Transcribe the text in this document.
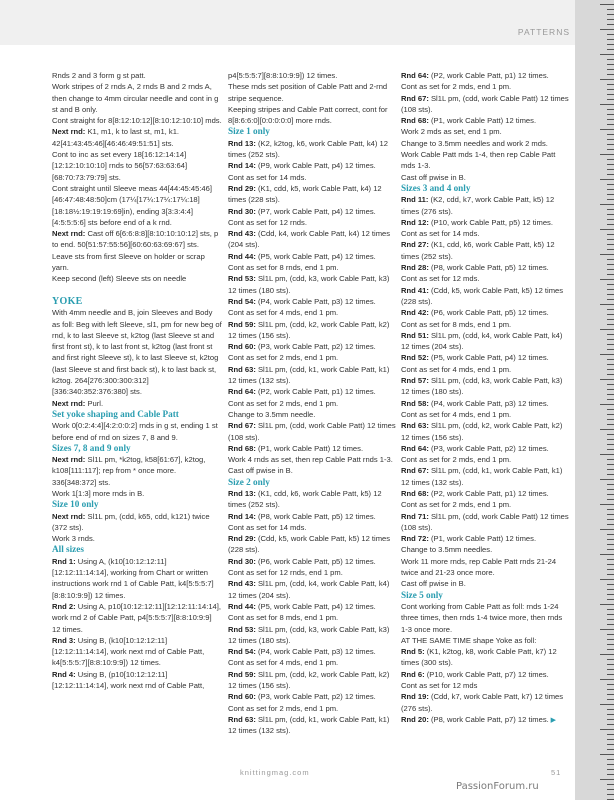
PATTERNS

Rnds 2 and 3 form g st patt.

Work stripes of 2 rnds A, 2 rnds B and 2 rnds A, then change to 4mm circular needle and cont in g st and B only.

Cont straight for 8[8:12:10:12][8:10:12:10:10] mds.

Next rnd: K1, m1, k to last st, m1, k1. 42[41:43:45:46][46:46:49:51:51] sts.

Cont to inc as set every 18[16:12:14:14][12:12:10:10:10] rnds to 56[57:63:63:64][68:70:73:79:79] sts.

Cont straight until Sleeve meas 44[44:45:45:46][46:47:48:48:50]cm (17¼[17¼:17¼:17¼:18][18:18½:19:19:19:69]in), ending 3[3:3:4:4][4:5:5:5:6] sts before end of a k rnd.

Next rnd: Cast off 6[6:6:8:8][8:10:10:10:12] sts, p to end. 50[51:57:55:56][60:60:63:69:67] sts.

Leave sts from first Sleeve on holder or scrap yarn.

Keep second (left) Sleeve sts on needle

YOKE

With 4mm needle and B, join Sleeves and Body as foll: Beg with left Sleeve, sl1, pm for new beg of rnd, k to last Sleeve st, k2tog (last Sleeve st and first front st), k to last front st, k2tog (last front st and first right Sleeve st), k to last Sleeve st, k2tog (last Sleeve st and first back st), k to last back st, k2tog. 264[276:300:300:312][336:340:352:376:380] sts.

Next rnd: Purl.

Set yoke shaping and Cable Patt

Work 0[0:2:4:4][4:2:0:0:2] rnds in g st, ending 1 st before end of rnd on sizes 7, 8 and 9.

Sizes 7, 8 and 9 only

Next rnd: Sl1L pm, *k2tog, k58[61:67], k2tog, k108[111:117]; rep from * once more. 336[348:372] sts.

Work 1[1:3] more rnds in B.

Size 10 only

Next rnd: Sl1L pm, (cdd, k65, cdd, k121) twice (372 sts).

Work 3 rnds.

All sizes

Rnd 1: Using A, (k10[10:12:12:11][12:12:11:14:14], working from Chart or written instructions work rnd 1 of Cable Patt, k4[5:5:5:7][8:8:10:9:9]) 12 times.

Rnd 2: Using A, p10[10:12:12:11][12:12:11:14:14], work rnd 2 of Cable Patt, p4[5:5:5:7][8:8:10:9:9] 12 times.

Rnd 3: Using B, (k10[10:12:12:11][12:12:11:14:14], work next rnd of Cable Patt, k4[5:5:5:7][8:8:10:9:9]) 12 times.

Rnd 4: Using B, (p10[10:12:12:11][12:12:11:14:14], work next rnd of Cable Patt,

p4[5:5:5:7][8:8:10:9:9]) 12 times.

These rnds set position of Cable Patt and 2-rnd stripe sequence.

Keeping stripes and Cable Patt correct, cont for 8[8:6:6:0][0:0:0:0:0] more rnds.

Size 1 only

Rnd 13: (K2, k2tog, k6, work Cable Patt, k4) 12 times (252 sts).

Rnd 14: (P9, work Cable Patt, p4) 12 times.

Cont as set for 14 mds.

Rnd 29: (K1, cdd, k5, work Cable Patt, k4) 12 times (228 sts).

Rnd 30: (P7, work Cable Patt, p4) 12 times.

Cont as set for 12 rnds.

Rnd 43: (Cdd, k4, work Cable Patt, k4) 12 times (204 sts).

Rnd 44: (P5, work Cable Patt, p4) 12 times.

Cont as set for 8 rnds, end 1 pm.

Rnd 53: Sl1L pm, (cdd, k3, work Cable Patt, k3) 12 times (180 sts).

Rnd 54: (P4, work Cable Patt, p3) 12 times.

Cont as set for 4 mds, end 1 pm.

Rnd 59: Sl1L pm, (cdd, k2, work Cable Patt, k2) 12 times (156 sts).

Rnd 60: (P3, work Cable Patt, p2) 12 times.

Cont as set for 2 mds, end 1 pm.

Rnd 63: Sl1L pm, (cdd, k1, work Cable Patt, k1) 12 times (132 sts).

Rnd 64: (P2, work Cable Patt, p1) 12 times.

Cont as set for 2 mds, end 1 pm.

Change to 3.5mm needle.

Rnd 67: Sl1L pm, (cdd, work Cable Patt) 12 times (108 sts).

Rnd 68: (P1, work Cable Patt) 12 times.

Work 4 rnds as set, then rep Cable Patt rnds 1-3.

Cast off pwise in B.

Size 2 only

Rnd 13: (K1, cdd, k6, work Cable Patt, k5) 12 times (252 sts).

Rnd 14: (P8, work Cable Patt, p5) 12 times.

Cont as set for 14 mds.

Rnd 29: (Cdd, k5, work Cable Patt, k5) 12 times (228 sts).

Rnd 30: (P6, work Cable Patt, p5) 12 times.

Cont as set for 12 rnds, end 1 pm.

Rnd 43: Sl1L pm, (cdd, k4, work Cable Patt, k4) 12 times (204 sts).

Rnd 44: (P5, work Cable Patt, p4) 12 times.

Cont as set for 8 mds, end 1 pm.

Rnd 53: Sl1L pm, (cdd, k3, work Cable Patt, k3) 12 times (180 sts).

Rnd 54: (P4, work Cable Patt, p3) 12 times.

Cont as set for 4 mds, end 1 pm.

Rnd 59: Sl1L pm, (cdd, k2, work Cable Patt, k2) 12 times (156 sts).

Rnd 60: (P3, work Cable Patt, p2) 12 times.

Cont as set for 2 mds, end 1 pm.

Rnd 63: Sl1L pm, (cdd, k1, work Cable Patt, k1) 12 times (132 sts).

Rnd 64: (P2, work Cable Patt, p1) 12 times.

Cont as set for 2 mds, end 1 pm.

Rnd 67: Sl1L pm, (cdd, work Cable Patt) 12 times (108 sts).

Rnd 68: (P1, work Cable Patt) 12 times.

Work 2 mds as set, end 1 pm.

Change to 3.5mm needles and work 2 mds.

Work Cable Patt mds 1-4, then rep Cable Patt mds 1-3.

Cast off pwise in B.

Sizes 3 and 4 only

Rnd 11: (K2, cdd, k7, work Cable Patt, k5) 12 times (276 sts).

Rnd 12: (P10, work Cable Patt, p5) 12 times.

Cont as set for 14 mds.

Rnd 27: (K1, cdd, k6, work Cable Patt, k5) 12 times (252 sts).

Rnd 28: (P8, work Cable Patt, p5) 12 times.

Cont as set for 12 mds.

Rnd 41: (Cdd, k5, work Cable Patt, k5) 12 times (228 sts).

Rnd 42: (P6, work Cable Patt, p5) 12 times.

Cont as set for 8 mds, end 1 pm.

Rnd 51: Sl1L pm, (cdd, k4, work Cable Patt, k4) 12 times (204 sts).

Rnd 52: (P5, work Cable Patt, p4) 12 times.

Cont as set for 4 mds, end 1 pm.

Rnd 57: Sl1L pm, (cdd, k3, work Cable Patt, k3) 12 times (180 sts).

Rnd 58: (P4, work Cable Patt, p3) 12 times.

Cont as set for 4 mds, end 1 pm.

Rnd 63: Sl1L pm, (cdd, k2, work Cable Patt, k2) 12 times (156 sts).

Rnd 64: (P3, work Cable Patt, p2) 12 times.

Cont as set for 2 mds, end 1 pm.

Rnd 67: Sl1L pm, (cdd, k1, work Cable Patt, k1) 12 times (132 sts).

Rnd 68: (P2, work Cable Patt, p1) 12 times.

Cont as set for 2 mds, end 1 pm.

Rnd 71: Sl1L pm, (cdd, work Cable Patt) 12 times (108 sts).

Rnd 72: (P1, work Cable Patt) 12 times.

Change to 3.5mm needles.

Work 11 more rnds, rep Cable Patt rnds 21-24 twice and 21-23 once more.

Cast off pwise in B.

Size 5 only

Cont working from Cable Patt as foll: rnds 1-24 three times, then rnds 1-4 twice more, then rnds 1-3 once more.

AT THE SAME TIME shape Yoke as foll:

Rnd 5: (K1, k2tog, k8, work Cable Patt, k7) 12 times (300 sts).

Rnd 6: (P10, work Cable Patt, p7) 12 times.

Cont as set for 12 mds

Rnd 19: (Cdd, k7, work Cable Patt, k7) 12 times (276 sts).

Rnd 20: (P8, work Cable Patt, p7) 12 times. ▶

knittingmag.com	51
PassionForum.ru
